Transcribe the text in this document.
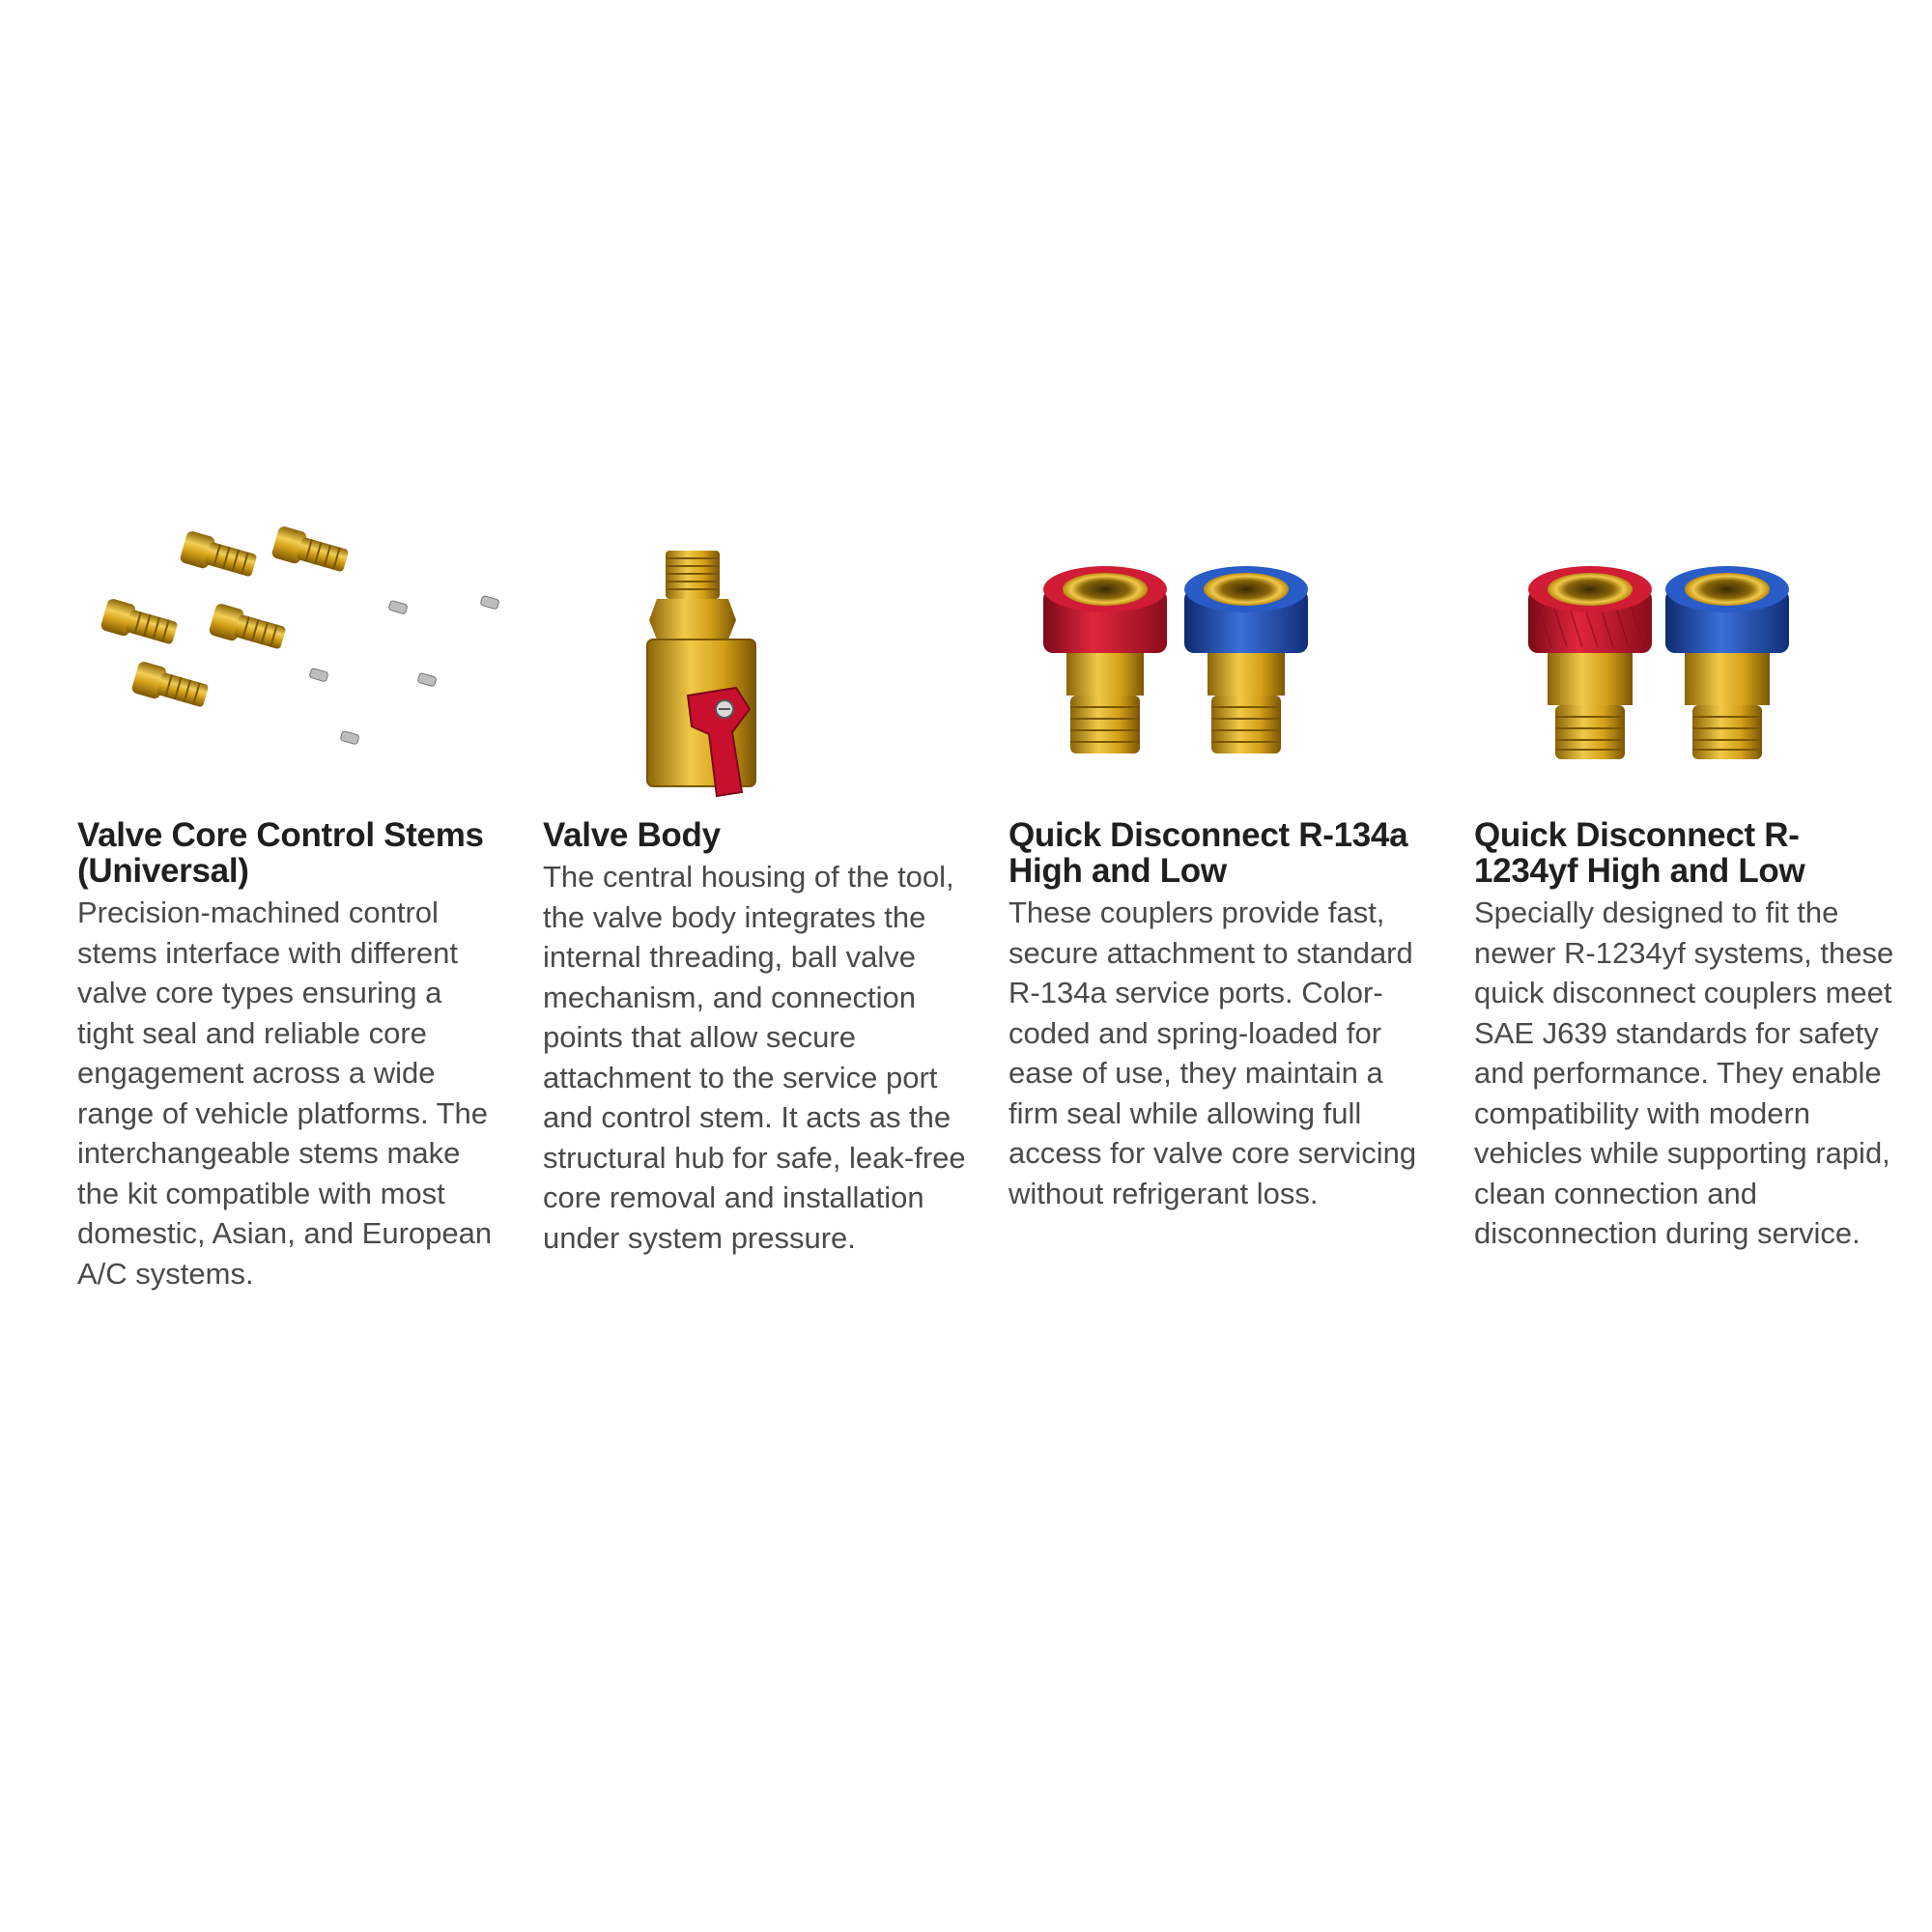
Valve Core Control Stems (Universal)
Precision-machined control stems interface with different valve core types ensuring a tight seal and reliable core engagement across a wide range of vehicle platforms. The interchangeable stems make the kit compatible with most domestic, Asian, and European A/C systems.
Valve Body
The central housing of the tool, the valve body integrates the internal threading, ball valve mechanism, and connection points that allow secure attachment to the service port and control stem. It acts as the structural hub for safe, leak-free core removal and installation under system pressure.
Quick Disconnect R-134a High and Low
These couplers provide fast, secure attachment to standard R-134a service ports. Color-coded and spring-loaded for ease of use, they maintain a firm seal while allowing full access for valve core servicing without refrigerant loss.
Quick Disconnect R-1234yf High and Low
Specially designed to fit the newer R-1234yf systems, these quick disconnect couplers meet SAE J639 standards for safety and performance. They enable compatibility with modern vehicles while supporting rapid, clean connection and disconnection during service.
